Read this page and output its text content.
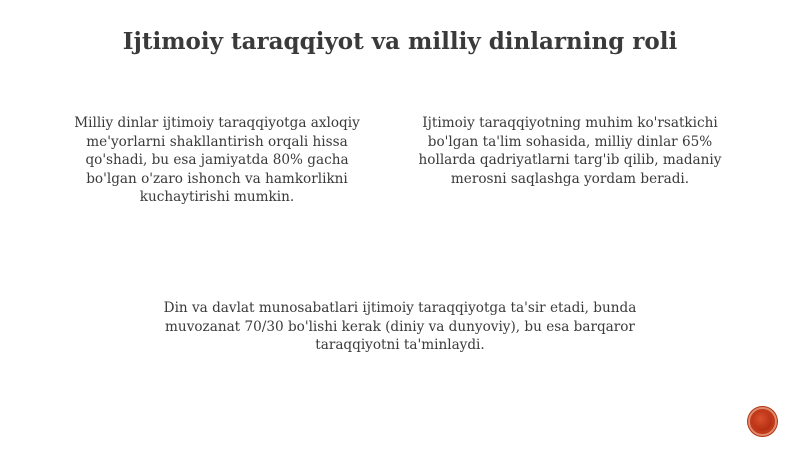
Ijtimoiy taraqqiyot va milliy dinlarning roli

Milliy dinlar ijtimoiy taraqqiyotga axloqiy me'yorlarni shakllantirish orqali hissa qo'shadi, bu esa jamiyatda 80% gacha bo'lgan o'zaro ishonch va hamkorlikni kuchaytirishi mumkin.

Ijtimoiy taraqqiyotning muhim ko'rsatkichi bo'lgan ta'lim sohasida, milliy dinlar 65% hollarda qadriyatlarni targ'ib qilib, madaniy merosni saqlashga yordam beradi.

Din va davlat munosabatlari ijtimoiy taraqqiyotga ta'sir etadi, bunda muvozanat 70/30 bo'lishi kerak (diniy va dunyoviy), bu esa barqaror taraqqiyotni ta'minlaydi.
